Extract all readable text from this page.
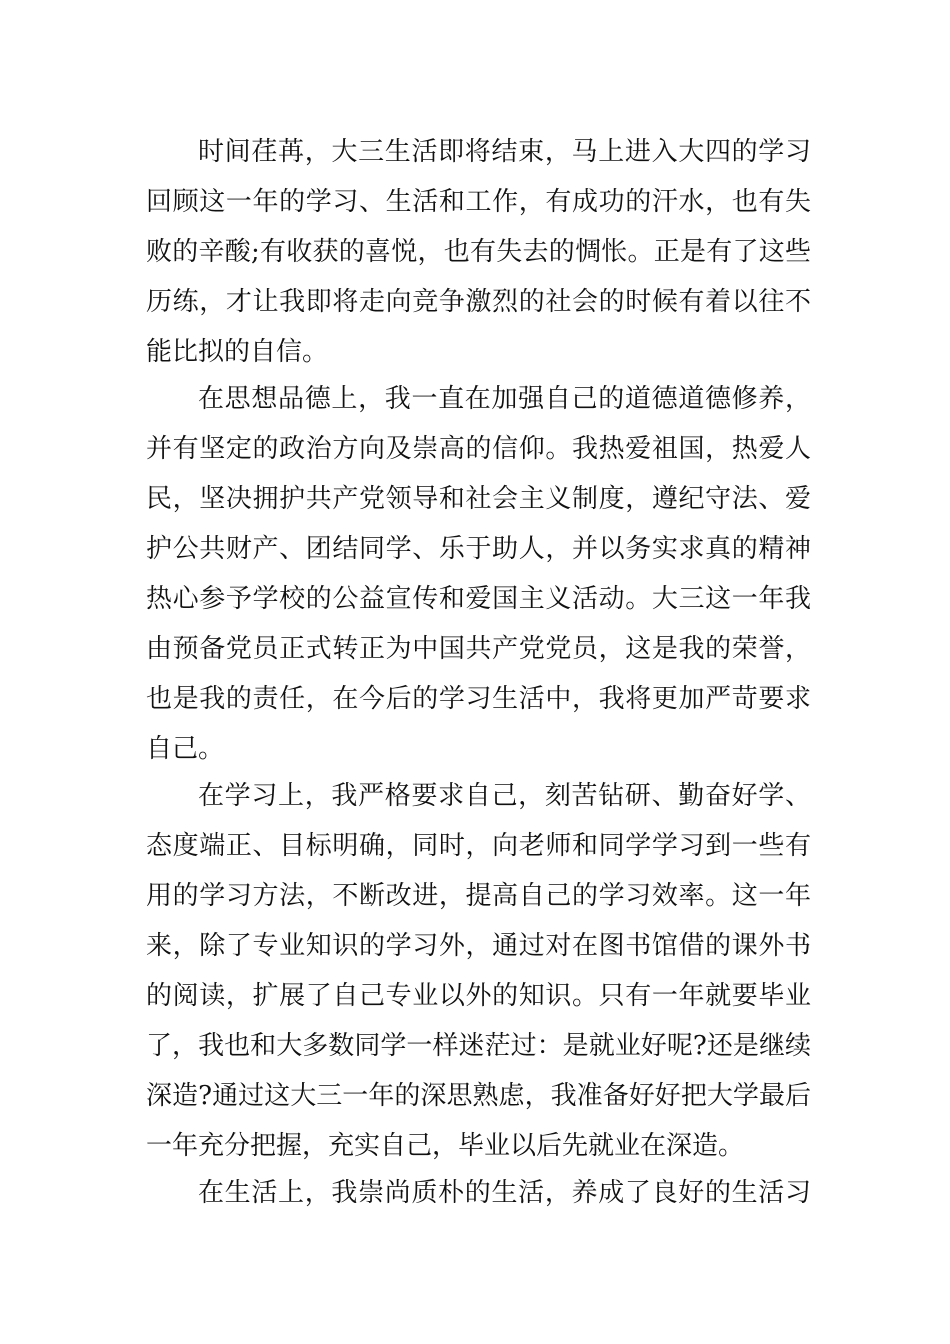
时间荏苒，大三生活即将结束，马上进入大四的学习
回顾这一年的学习、生活和工作，有成功的汗水，也有失
败的辛酸;有收获的喜悦，也有失去的惆怅。正是有了这些
历练，才让我即将走向竞争激烈的社会的时候有着以往不
能比拟的自信。
在思想品德上，我一直在加强自己的道德道德修养，
并有坚定的政治方向及崇高的信仰。我热爱祖国，热爱人
民，坚决拥护共产党领导和社会主义制度，遵纪守法、爱
护公共财产、团结同学、乐于助人，并以务实求真的精神
热心参予学校的公益宣传和爱国主义活动。大三这一年我
由预备党员正式转正为中国共产党党员，这是我的荣誉，
也是我的责任，在今后的学习生活中，我将更加严苛要求
自己。
在学习上，我严格要求自己，刻苦钻研、勤奋好学、
态度端正、目标明确，同时，向老师和同学学习到一些有
用的学习方法，不断改进，提高自己的学习效率。这一年
来，除了专业知识的学习外，通过对在图书馆借的课外书
的阅读，扩展了自己专业以外的知识。只有一年就要毕业
了，我也和大多数同学一样迷茫过：是就业好呢?还是继续
深造?通过这大三一年的深思熟虑，我准备好好把大学最后
一年充分把握，充实自己，毕业以后先就业在深造。
在生活上，我崇尚质朴的生活，养成了良好的生活习
